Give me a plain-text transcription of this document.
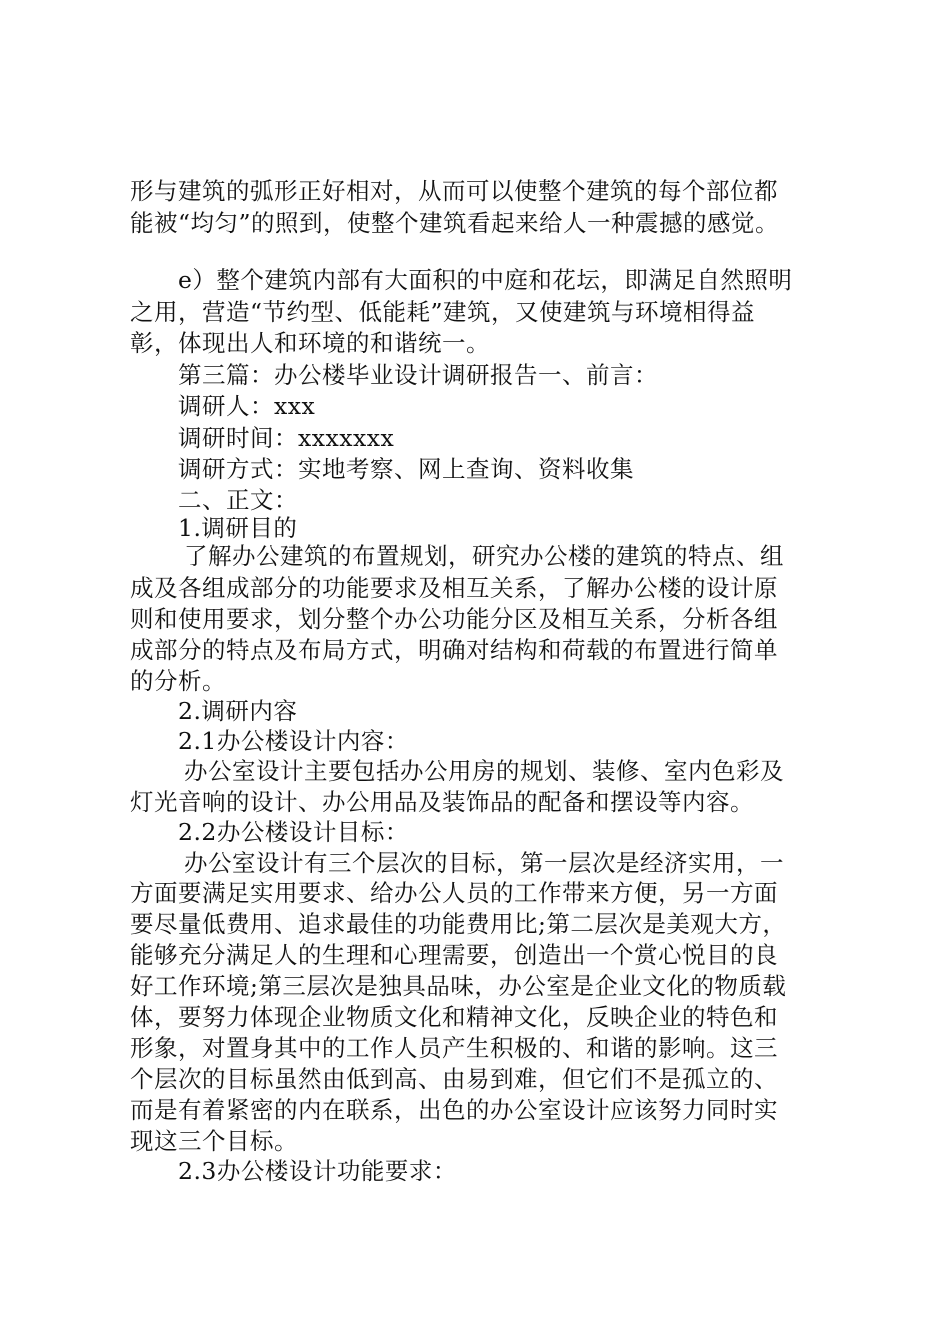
形与建筑的弧形正好相对，从而可以使整个建筑的每个部位都
能被“均匀”的照到，使整个建筑看起来给人一种震撼的感觉。
e）整个建筑内部有大面积的中庭和花坛，即满足自然照明
之用，营造“节约型、低能耗”建筑，又使建筑与环境相得益
彰，体现出人和环境的和谐统一。
第三篇：办公楼毕业设计调研报告一、前言：
调研人：xxx
调研时间：xxxxxxx
调研方式：实地考察、网上查询、资料收集
二、正文：
1.调研目的
了解办公建筑的布置规划，研究办公楼的建筑的特点、组
成及各组成部分的功能要求及相互关系，了解办公楼的设计原
则和使用要求，划分整个办公功能分区及相互关系，分析各组
成部分的特点及布局方式，明确对结构和荷载的布置进行简单
的分析。
2.调研内容
2.1办公楼设计内容：
办公室设计主要包括办公用房的规划、装修、室内色彩及
灯光音响的设计、办公用品及装饰品的配备和摆设等内容。
2.2办公楼设计目标：
办公室设计有三个层次的目标，第一层次是经济实用，一
方面要满足实用要求、给办公人员的工作带来方便，另一方面
要尽量低费用、追求最佳的功能费用比;第二层次是美观大方，
能够充分满足人的生理和心理需要，创造出一个赏心悦目的良
好工作环境;第三层次是独具品味，办公室是企业文化的物质载
体，要努力体现企业物质文化和精神文化，反映企业的特色和
形象，对置身其中的工作人员产生积极的、和谐的影响。这三
个层次的目标虽然由低到高、由易到难，但它们不是孤立的、
而是有着紧密的内在联系，出色的办公室设计应该努力同时实
现这三个目标。
2.3办公楼设计功能要求：
